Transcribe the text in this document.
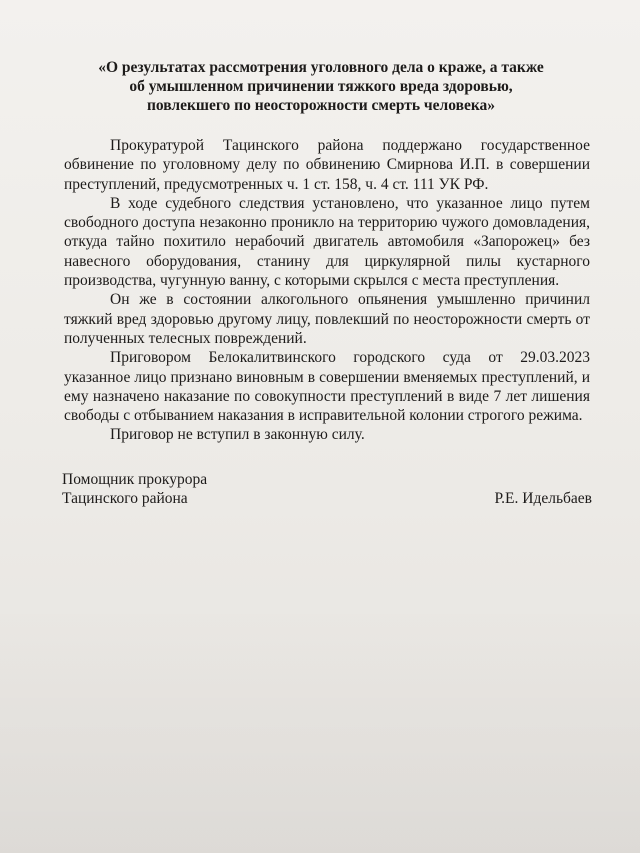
«О результатах рассмотрения уголовного дела о краже, а также об умышленном причинении тяжкого вреда здоровью, повлекшего по неосторожности смерть человека»

Прокуратурой Тацинского района поддержано государственное обвинение по уголовному делу по обвинению Смирнова И.П. в совершении преступлений, предусмотренных ч. 1 ст. 158, ч. 4 ст. 111 УК РФ.

В ходе судебного следствия установлено, что указанное лицо путем свободного доступа незаконно проникло на территорию чужого домовладения, откуда тайно похитило нерабочий двигатель автомобиля «Запорожец» без навесного оборудования, станину для циркулярной пилы кустарного производства, чугунную ванну, с которыми скрылся с места преступления.

Он же в состоянии алкогольного опьянения умышленно причинил тяжкий вред здоровью другому лицу, повлекший по неосторожности смерть от полученных телесных повреждений.

Приговором Белокалитвинского городского суда от 29.03.2023 указанное лицо признано виновным в совершении вменяемых преступлений, и ему назначено наказание по совокупности преступлений в виде 7 лет лишения свободы с отбыванием наказания в исправительной колонии строгого режима.

Приговор не вступил в законную силу.

Помощник прокурора
Тацинского района	Р.Е. Идельбаев
